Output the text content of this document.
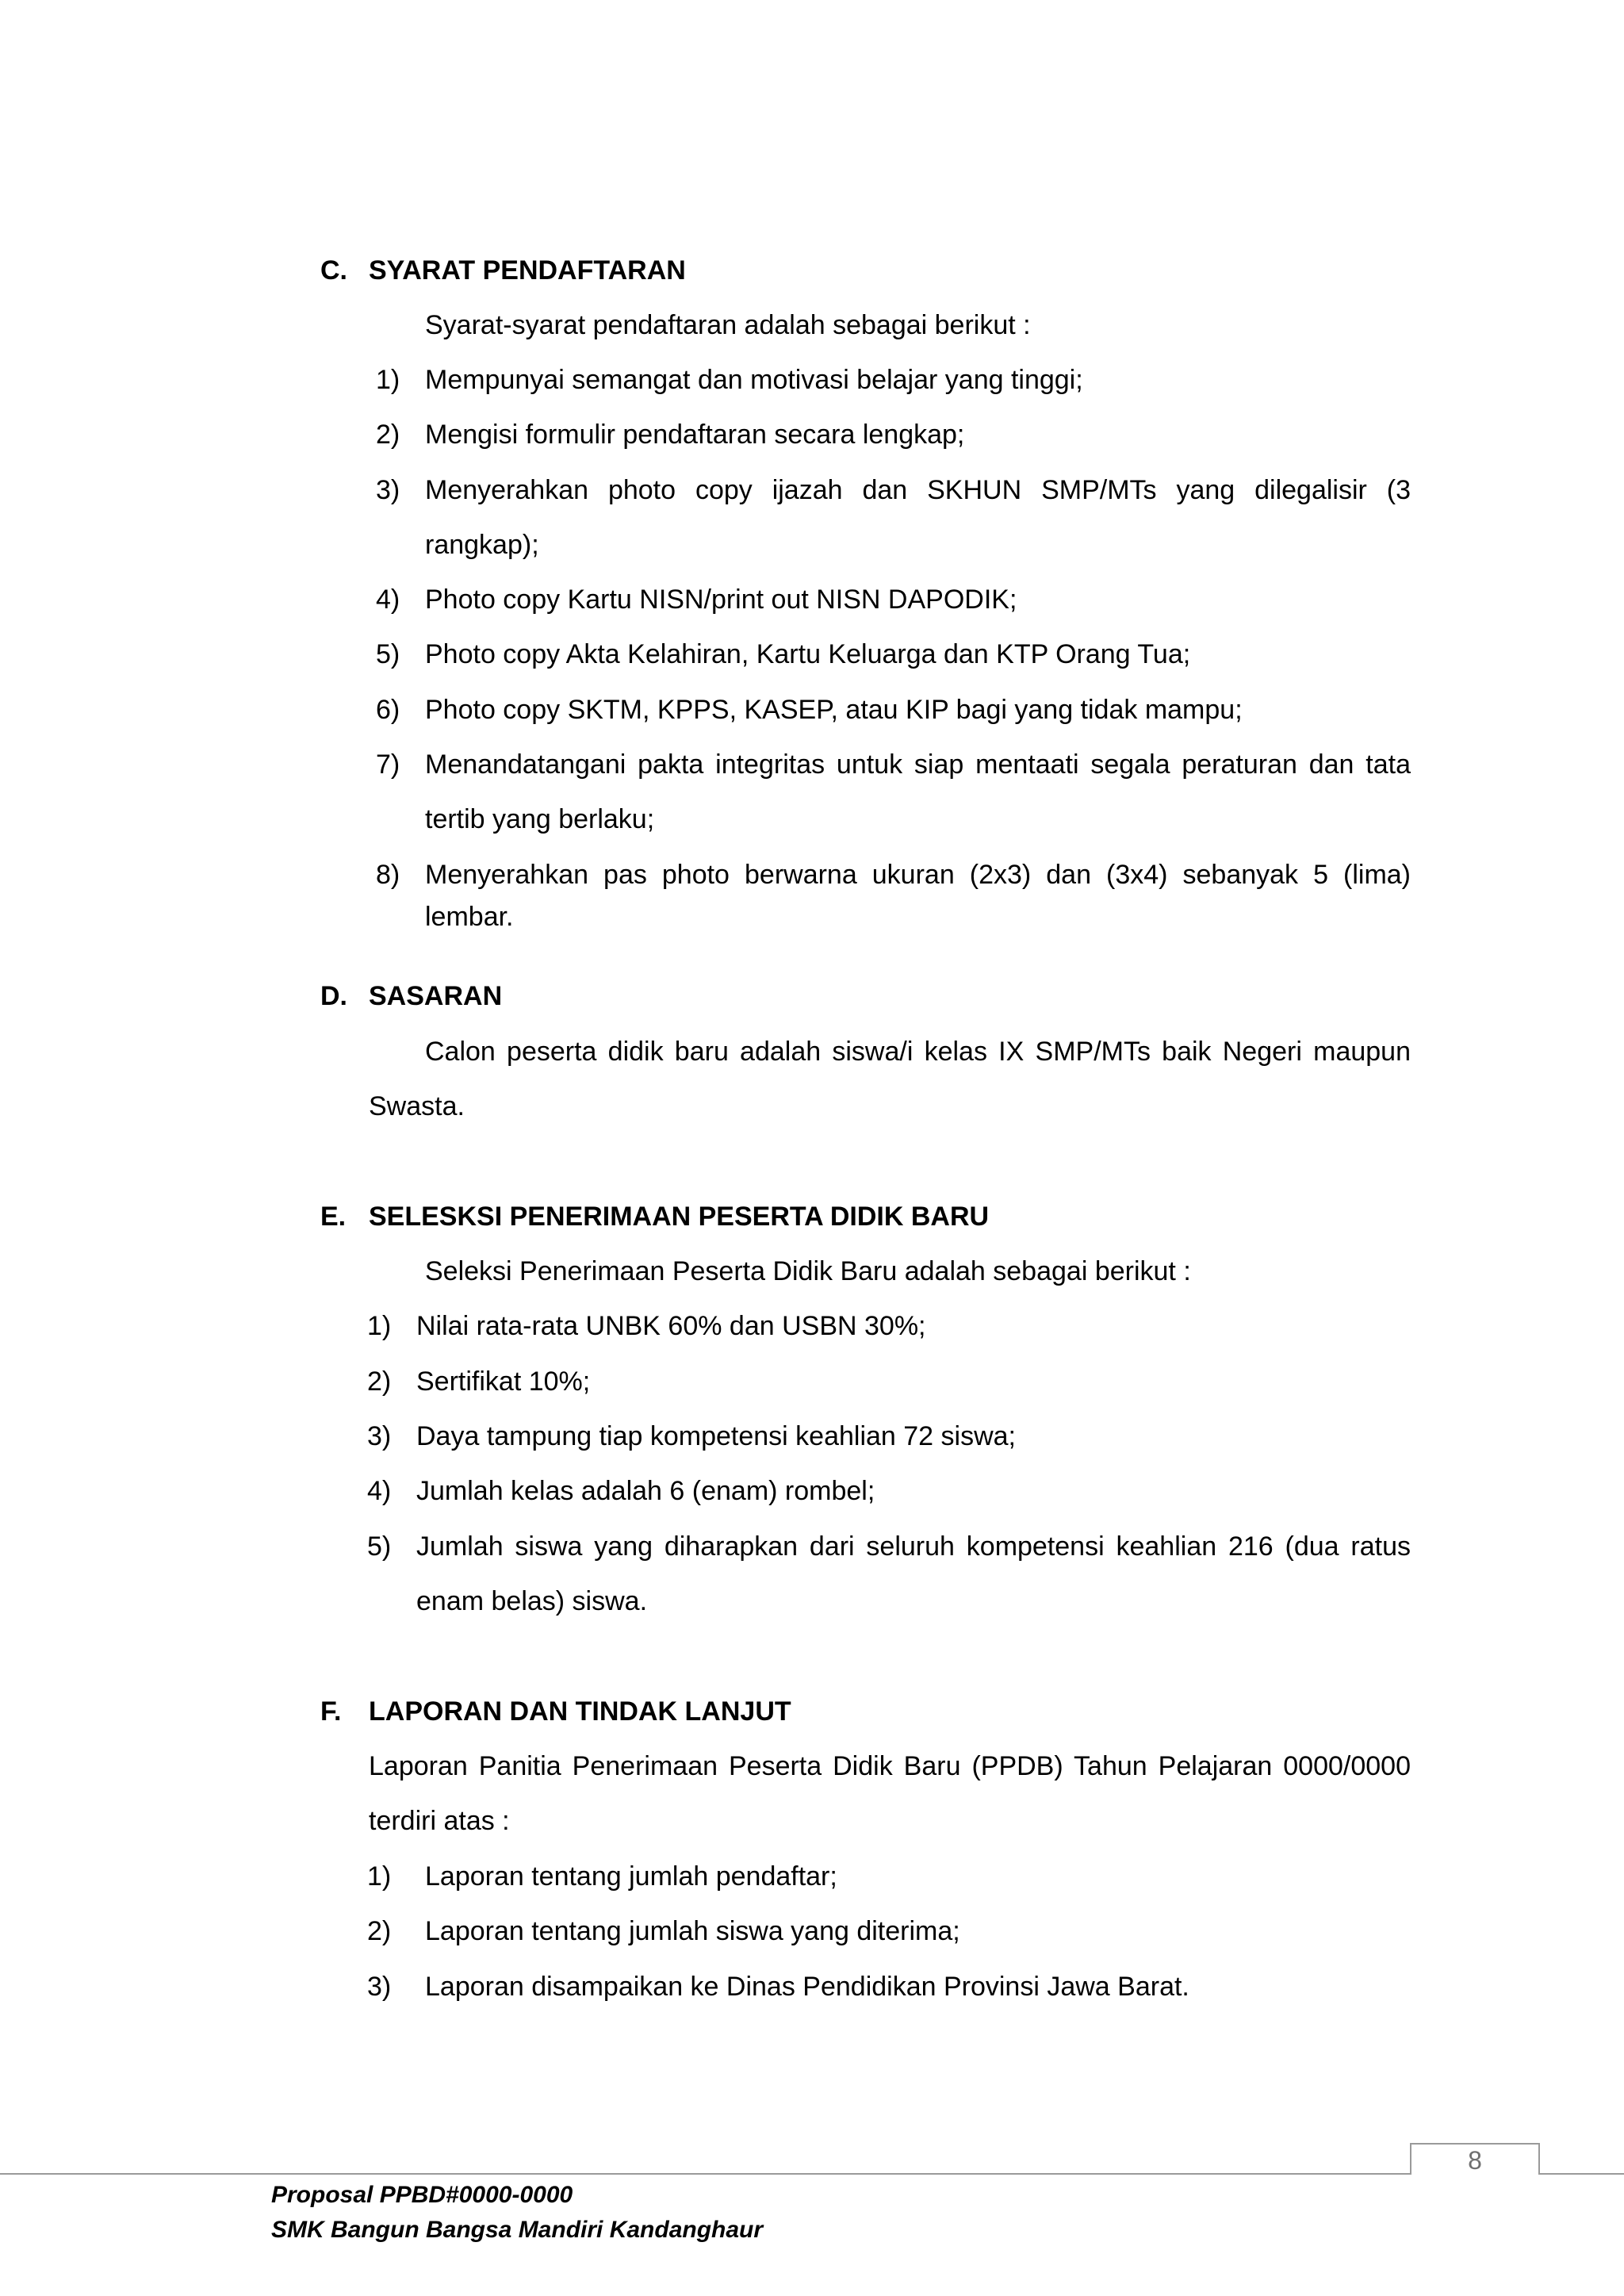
C. SYARAT PENDAFTARAN
Syarat-syarat pendaftaran adalah sebagai berikut :
1) Mempunyai semangat dan motivasi belajar yang tinggi;
2) Mengisi formulir pendaftaran secara lengkap;
3) Menyerahkan photo copy ijazah dan SKHUN SMP/MTs yang dilegalisir (3
rangkap);
4) Photo copy Kartu NISN/print out NISN DAPODIK;
5) Photo copy Akta Kelahiran, Kartu Keluarga dan KTP Orang Tua;
6) Photo copy SKTM, KPPS, KASEP, atau KIP bagi yang tidak mampu;
7) Menandatangani pakta integritas untuk siap mentaati segala peraturan dan tata
tertib yang berlaku;
8) Menyerahkan pas photo berwarna ukuran (2x3) dan (3x4) sebanyak 5 (lima)
lembar.
D. SASARAN
Calon peserta didik baru adalah siswa/i kelas IX SMP/MTs baik Negeri maupun
Swasta.
E. SELESKSI PENERIMAAN PESERTA DIDIK BARU
Seleksi Penerimaan Peserta Didik Baru adalah sebagai berikut :
1) Nilai rata-rata UNBK 60% dan USBN 30%;
2) Sertifikat 10%;
3) Daya tampung tiap kompetensi keahlian 72 siswa;
4) Jumlah kelas adalah 6 (enam) rombel;
5) Jumlah siswa yang diharapkan dari seluruh kompetensi keahlian 216 (dua ratus
enam belas) siswa.
F. LAPORAN DAN TINDAK LANJUT
Laporan Panitia Penerimaan Peserta Didik Baru (PPDB) Tahun Pelajaran 0000/0000
terdiri atas :
1) Laporan tentang jumlah pendaftar;
2) Laporan tentang jumlah siswa yang diterima;
3) Laporan disampaikan ke Dinas Pendidikan Provinsi Jawa Barat.
8
Proposal PPBD#0000-0000
SMK Bangun Bangsa Mandiri Kandanghaur
